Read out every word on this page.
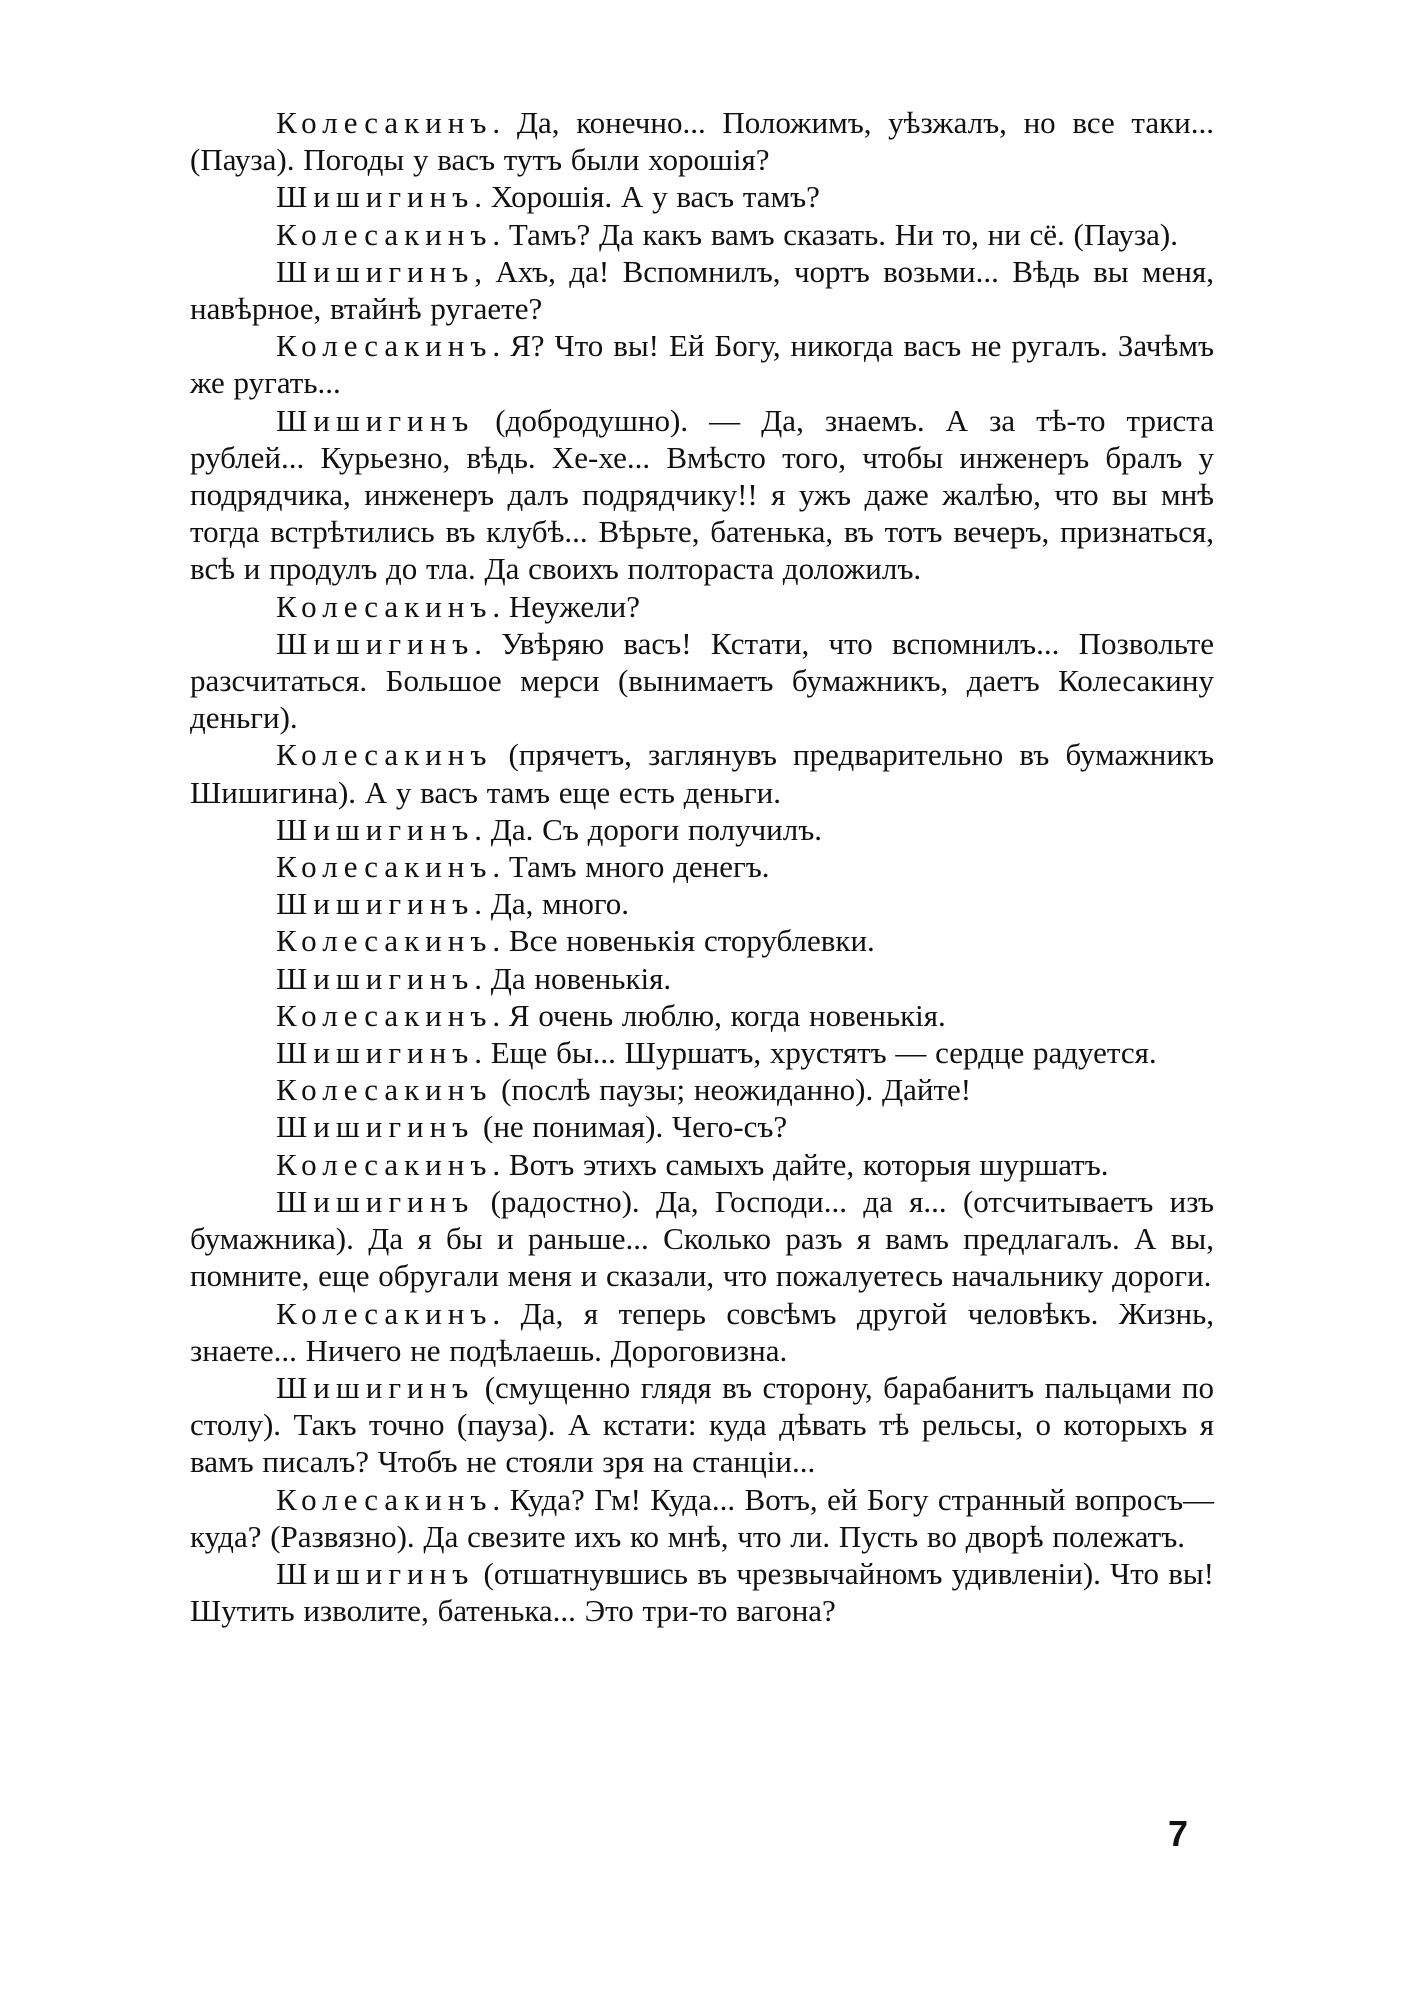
Колесакинъ. Да, конечно... Положимъ, уѣзжалъ, но все таки... (Пауза). Погоды у васъ тутъ были хорошія?

Шишигинъ. Хорошія. А у васъ тамъ?

Колесакинъ. Тамъ? Да какъ вамъ сказать. Ни то, ни сё. (Пауза).

Шишигинъ, Ахъ, да! Вспомнилъ, чортъ возьми... Вѣдь вы меня, навѣрное, втайнѣ ругаете?

Колесакинъ. Я? Что вы! Ей Богу, никогда васъ не ругалъ. Зачѣмъ же ругать...

Шишигинъ (добродушно). — Да, знаемъ. А за тѣ-то триста рублей... Курьезно, вѣдь. Хе-хе... Вмѣсто того, чтобы инженеръ бралъ у подрядчика, инженеръ далъ подрядчику!! я ужъ даже жалѣю, что вы мнѣ тогда встрѣтились въ клубѣ... Вѣрьте, батенька, въ тотъ вечеръ, признаться, всѣ и продулъ до тла. Да своихъ полтораста доложилъ.

Колесакинъ. Неужели?

Шишигинъ. Увѣряю васъ! Кстати, что вспомнилъ... Позвольте разсчитаться. Большое мерси (вынимаетъ бумажникъ, даетъ Колесакину деньги).

Колесакинъ (прячетъ, заглянувъ предварительно въ бумажникъ Шишигина). А у васъ тамъ еще есть деньги.

Шишигинъ. Да. Съ дороги получилъ.

Колесакинъ. Тамъ много денегъ.

Шишигинъ. Да, много.

Колесакинъ. Все новенькія сторублевки.

Шишигинъ. Да новенькія.

Колесакинъ. Я очень люблю, когда новенькія.

Шишигинъ. Еще бы... Шуршатъ, хрустятъ — сердце радуется.

Колесакинъ (послѣ паузы; неожиданно). Дайте!

Шишигинъ (не понимая). Чего-съ?

Колесакинъ. Вотъ этихъ самыхъ дайте, которыя шуршатъ.

Шишигинъ (радостно). Да, Господи... да я... (отсчитываетъ изъ бумажника). Да я бы и раньше... Сколько разъ я вамъ предлагалъ. А вы, помните, еще обругали меня и сказали, что пожалуетесь начальнику дороги.

Колесакинъ. Да, я теперь совсѣмъ другой человѣкъ. Жизнь, знаете... Ничего не подѣлаешь. Дороговизна.

Шишигинъ (смущенно глядя въ сторону, барабанитъ пальцами по столу). Такъ точно (пауза). А кстати: куда дѣвать тѣ рельсы, о которыхъ я вамъ писалъ? Чтобъ не стояли зря на станціи...

Колесакинъ. Куда? Гм! Куда... Вотъ, ей Богу странный вопросъ—куда? (Развязно). Да свезите ихъ ко мнѣ, что ли. Пусть во дворѣ полежатъ.

Шишигинъ (отшатнувшись въ чрезвычайномъ удивленіи). Что вы! Шутить изволите, батенька... Это три-то вагона?

7
